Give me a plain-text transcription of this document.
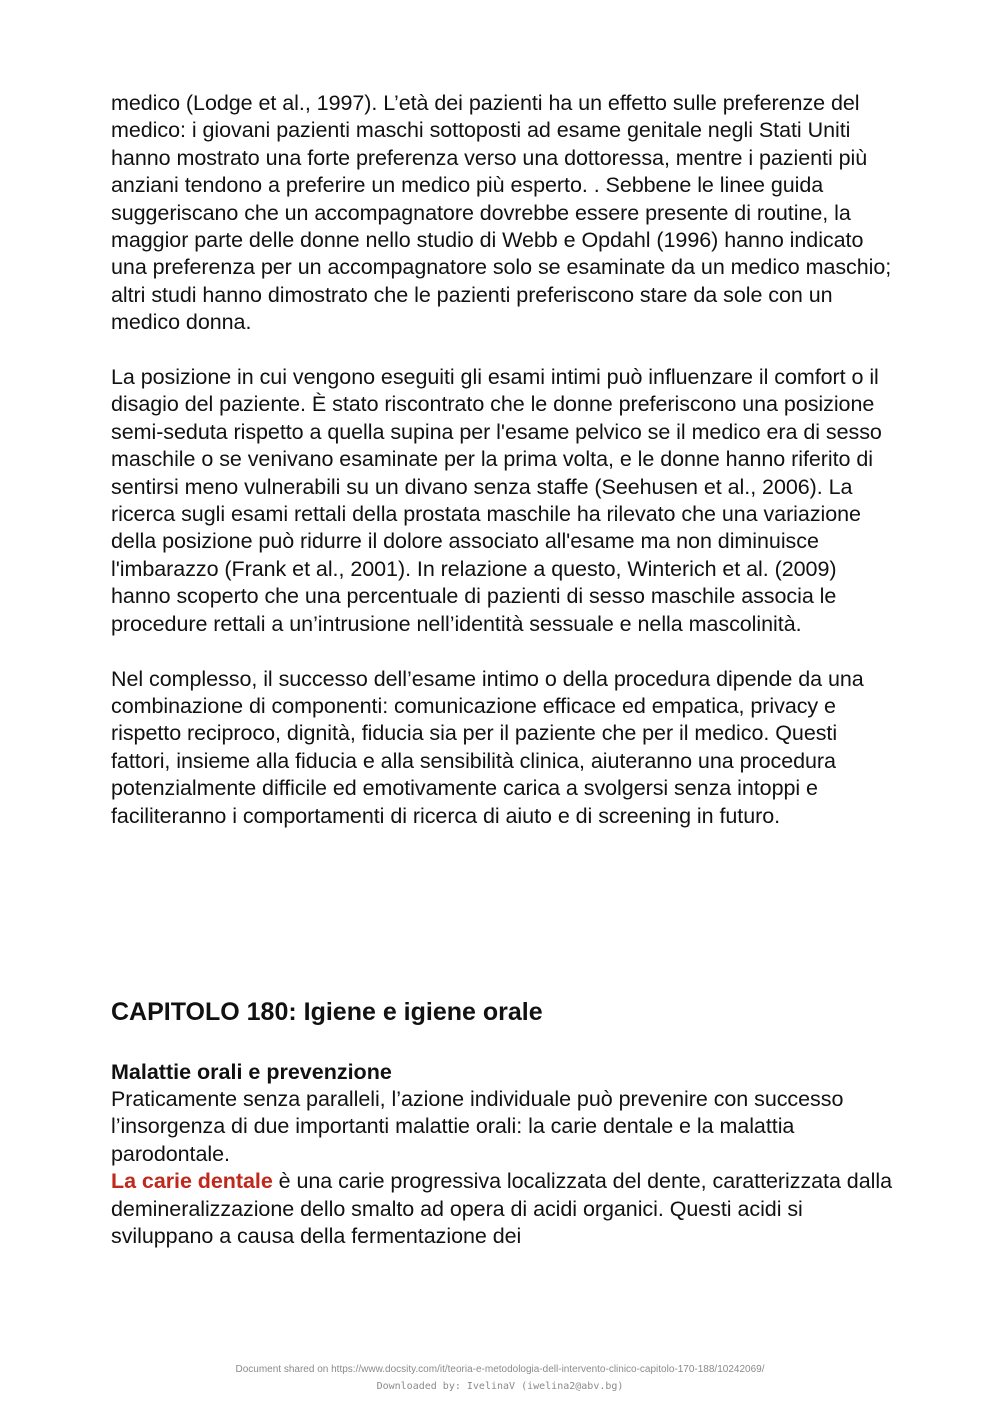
medico (Lodge et al., 1997). L’età dei pazienti ha un effetto sulle preferenze del medico: i giovani pazienti maschi sottoposti ad esame genitale negli Stati Uniti hanno mostrato una forte preferenza verso una dottoressa, mentre i pazienti più anziani tendono a preferire un medico più esperto. . Sebbene le linee guida suggeriscano che un accompagnatore dovrebbe essere presente di routine, la maggior parte delle donne nello studio di Webb e Opdahl (1996) hanno indicato una preferenza per un accompagnatore solo se esaminate da un medico maschio; altri studi hanno dimostrato che le pazienti preferiscono stare da sole con un medico donna.

La posizione in cui vengono eseguiti gli esami intimi può influenzare il comfort o il disagio del paziente. È stato riscontrato che le donne preferiscono una posizione semi-seduta rispetto a quella supina per l'esame pelvico se il medico era di sesso maschile o se venivano esaminate per la prima volta, e le donne hanno riferito di sentirsi meno vulnerabili su un divano senza staffe (Seehusen et al., 2006). La ricerca sugli esami rettali della prostata maschile ha rilevato che una variazione della posizione può ridurre il dolore associato all'esame ma non diminuisce l'imbarazzo (Frank et al., 2001). In relazione a questo, Winterich et al. (2009) hanno scoperto che una percentuale di pazienti di sesso maschile associa le procedure rettali a un’intrusione nell’identità sessuale e nella mascolinità.

Nel complesso, il successo dell’esame intimo o della procedura dipende da una combinazione di componenti: comunicazione efficace ed empatica, privacy e rispetto reciproco, dignità, fiducia sia per il paziente che per il medico. Questi fattori, insieme alla fiducia e alla sensibilità clinica, aiuteranno una procedura potenzialmente difficile ed emotivamente carica a svolgersi senza intoppi e faciliteranno i comportamenti di ricerca di aiuto e di screening in futuro.

CAPITOLO 180: Igiene e igiene orale
Malattie orali e prevenzione

Praticamente senza paralleli, l’azione individuale può prevenire con successo l’insorgenza di due importanti malattie orali: la carie dentale e la malattia parodontale.

La carie dentale è una carie progressiva localizzata del dente, caratterizzata dalla demineralizzazione dello smalto ad opera di acidi organici. Questi acidi si sviluppano a causa della fermentazione dei

Document shared on https://www.docsity.com/it/teoria-e-metodologia-dell-intervento-clinico-capitolo-170-188/10242069/
Downloaded by: IvelinaV (iwelina2@abv.bg)
